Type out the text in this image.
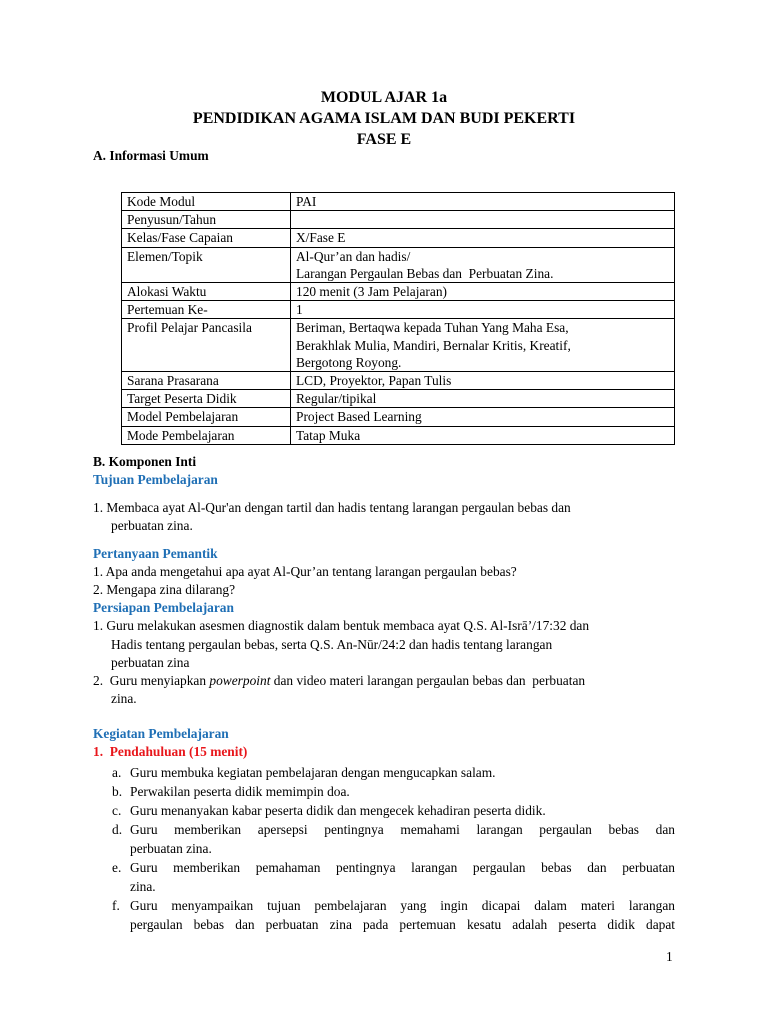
MODUL AJAR 1a
PENDIDIKAN AGAMA ISLAM DAN BUDI PEKERTI
FASE E
A. Informasi Umum
Kode Modul	PAI

Penyusun/Tahun	

Kelas/Fase Capaian	X/Fase E

Elemen/Topik	Al-Qur’an dan hadis/
Larangan Pergaulan Bebas dan  Perbuatan Zina.

Alokasi Waktu	120 menit (3 Jam Pelajaran)

Pertemuan Ke-	1

Profil Pelajar Pancasila	Beriman, Bertaqwa kepada Tuhan Yang Maha Esa,
Berakhlak Mulia, Mandiri, Bernalar Kritis, Kreatif,
Bergotong Royong.

Sarana Prasarana	LCD, Proyektor, Papan Tulis

Target Peserta Didik	Regular/tipikal

Model Pembelajaran	Project Based Learning

Mode Pembelajaran	Tatap Muka
B. Komponen Inti
Tujuan Pembelajaran
1. Membaca ayat Al-Qur'an dengan tartil dan hadis tentang larangan pergaulan bebas dan
perbuatan zina.
Pertanyaan Pemantik
1. Apa anda mengetahui apa ayat Al-Qur’an tentang larangan pergaulan bebas?
2. Mengapa zina dilarang?
Persiapan Pembelajaran
1. Guru melakukan asesmen diagnostik dalam bentuk membaca ayat Q.S. Al-Isrā’/17:32 dan
Hadis tentang pergaulan bebas, serta Q.S. An-Nūr/24:2 dan hadis tentang larangan
perbuatan zina
2.  Guru menyiapkan powerpoint dan video materi larangan pergaulan bebas dan  perbuatan
zina.
Kegiatan Pembelajaran
1.  Pendahuluan (15 menit)
a. Guru membuka kegiatan pembelajaran dengan mengucapkan salam.
b. Perwakilan peserta didik memimpin doa.
c. Guru menanyakan kabar peserta didik dan mengecek kehadiran peserta didik.
d. Guru memberikan apersepsi pentingnya memahami larangan pergaulan bebas dan
perbuatan zina.
e. Guru memberikan pemahaman pentingnya larangan pergaulan bebas dan perbuatan
zina.
f. Guru menyampaikan tujuan pembelajaran yang ingin dicapai dalam materi larangan
pergaulan bebas dan perbuatan zina pada pertemuan kesatu adalah peserta didik dapat
1
